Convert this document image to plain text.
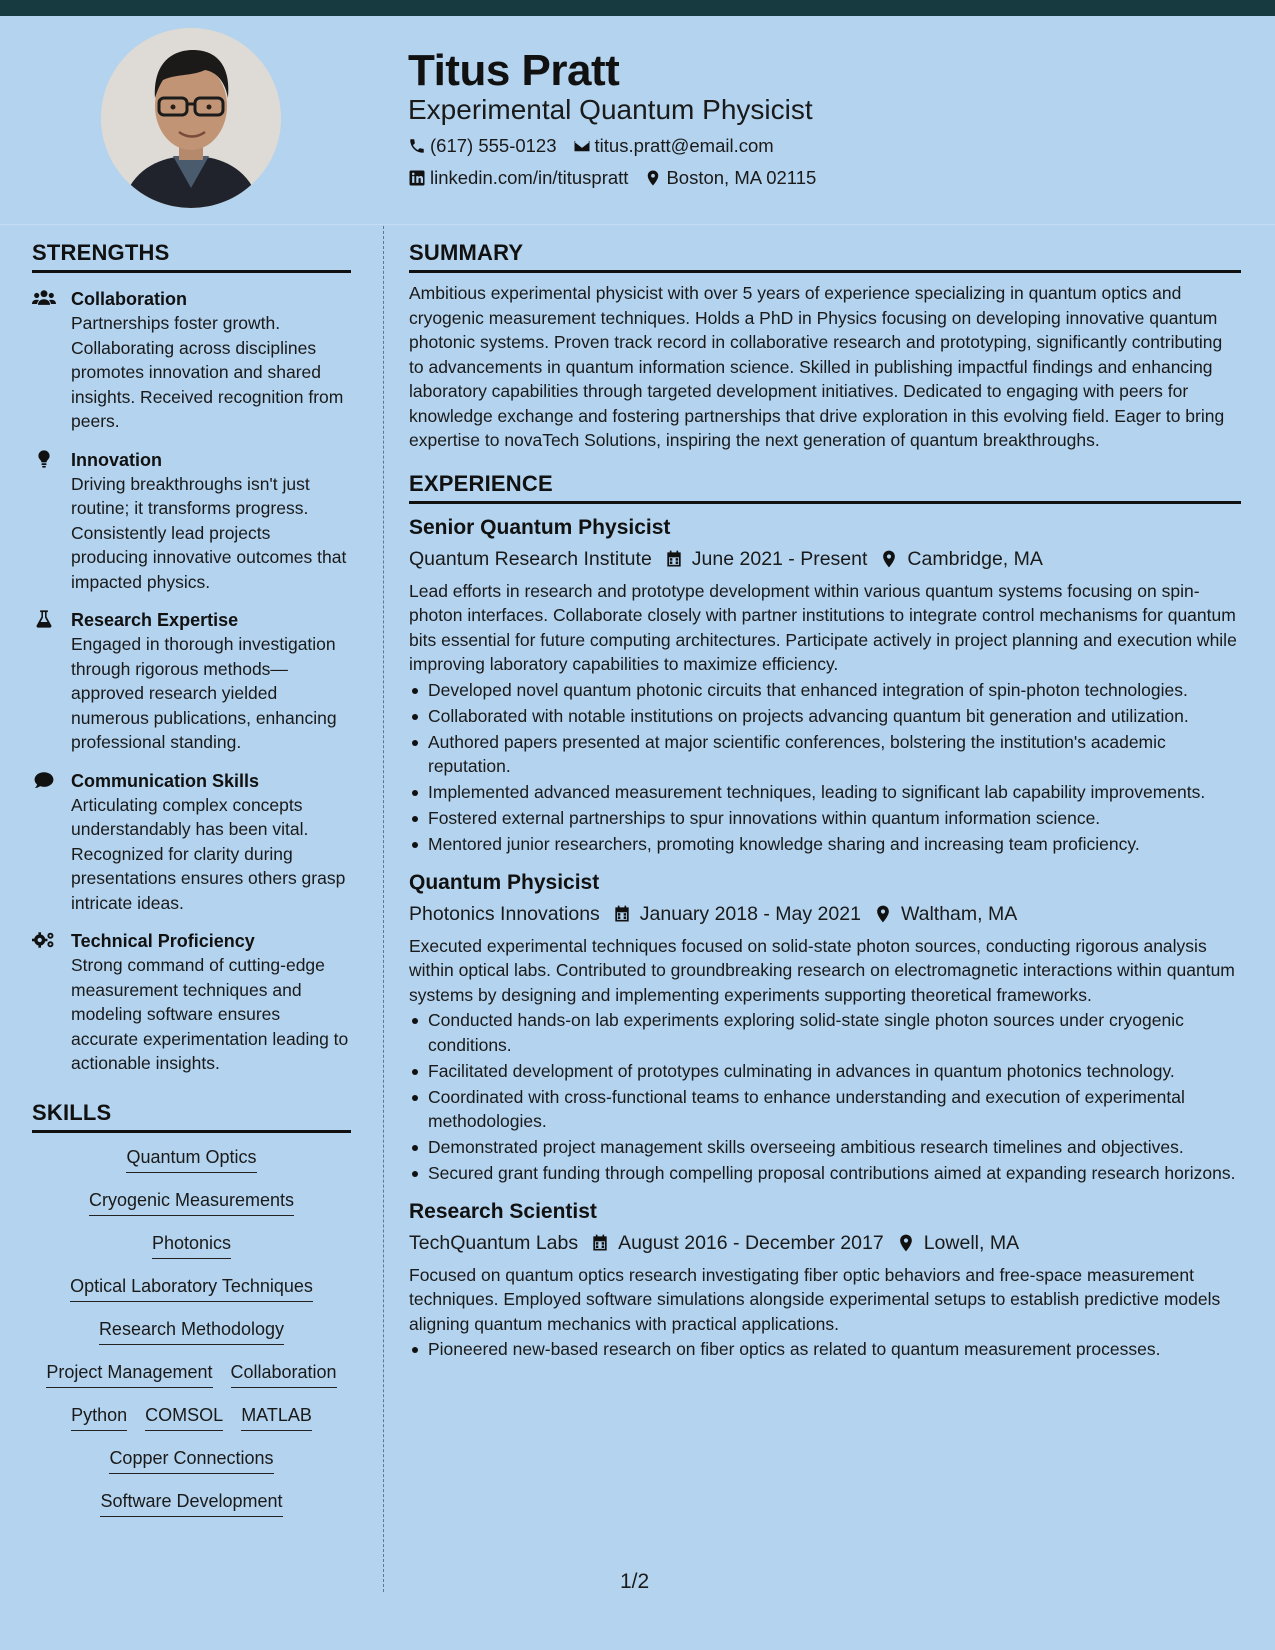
Titus Pratt
Experimental Quantum Physicist
(617) 555-0123 titus.pratt@email.com
linkedin.com/in/tituspratt Boston, MA 02115
STRENGTHS
Collaboration
Partnerships foster growth. Collaborating across disciplines promotes innovation and shared insights. Received recognition from peers.
Innovation
Driving breakthroughs isn't just routine; it transforms progress. Consistently lead projects producing innovative outcomes that impacted physics.
Research Expertise
Engaged in thorough investigation through rigorous methods—approved research yielded numerous publications, enhancing professional standing.
Communication Skills
Articulating complex concepts understandably has been vital. Recognized for clarity during presentations ensures others grasp intricate ideas.
Technical Proficiency
Strong command of cutting-edge measurement techniques and modeling software ensures accurate experimentation leading to actionable insights.
SKILLS
Quantum Optics
Cryogenic Measurements
Photonics
Optical Laboratory Techniques
Research Methodology
Project Management Collaboration
Python COMSOL MATLAB
Copper Connections
Software Development
SUMMARY
Ambitious experimental physicist with over 5 years of experience specializing in quantum optics and cryogenic measurement techniques. Holds a PhD in Physics focusing on developing innovative quantum photonic systems. Proven track record in collaborative research and prototyping, significantly contributing to advancements in quantum information science. Skilled in publishing impactful findings and enhancing laboratory capabilities through targeted development initiatives. Dedicated to engaging with peers for knowledge exchange and fostering partnerships that drive exploration in this evolving field. Eager to bring expertise to novaTech Solutions, inspiring the next generation of quantum breakthroughs.
EXPERIENCE
Senior Quantum Physicist
Quantum Research Institute June 2021 - Present Cambridge, MA
Lead efforts in research and prototype development within various quantum systems focusing on spin-photon interfaces. Collaborate closely with partner institutions to integrate control mechanisms for quantum bits essential for future computing architectures. Participate actively in project planning and execution while improving laboratory capabilities to maximize efficiency.
Developed novel quantum photonic circuits that enhanced integration of spin-photon technologies.
Collaborated with notable institutions on projects advancing quantum bit generation and utilization.
Authored papers presented at major scientific conferences, bolstering the institution's academic reputation.
Implemented advanced measurement techniques, leading to significant lab capability improvements.
Fostered external partnerships to spur innovations within quantum information science.
Mentored junior researchers, promoting knowledge sharing and increasing team proficiency.
Quantum Physicist
Photonics Innovations January 2018 - May 2021 Waltham, MA
Executed experimental techniques focused on solid-state photon sources, conducting rigorous analysis within optical labs. Contributed to groundbreaking research on electromagnetic interactions within quantum systems by designing and implementing experiments supporting theoretical frameworks.
Conducted hands-on lab experiments exploring solid-state single photon sources under cryogenic conditions.
Facilitated development of prototypes culminating in advances in quantum photonics technology.
Coordinated with cross-functional teams to enhance understanding and execution of experimental methodologies.
Demonstrated project management skills overseeing ambitious research timelines and objectives.
Secured grant funding through compelling proposal contributions aimed at expanding research horizons.
Research Scientist
TechQuantum Labs August 2016 - December 2017 Lowell, MA
Focused on quantum optics research investigating fiber optic behaviors and free-space measurement techniques. Employed software simulations alongside experimental setups to establish predictive models aligning quantum mechanics with practical applications.
Pioneered new-based research on fiber optics as related to quantum measurement processes.
1/2
